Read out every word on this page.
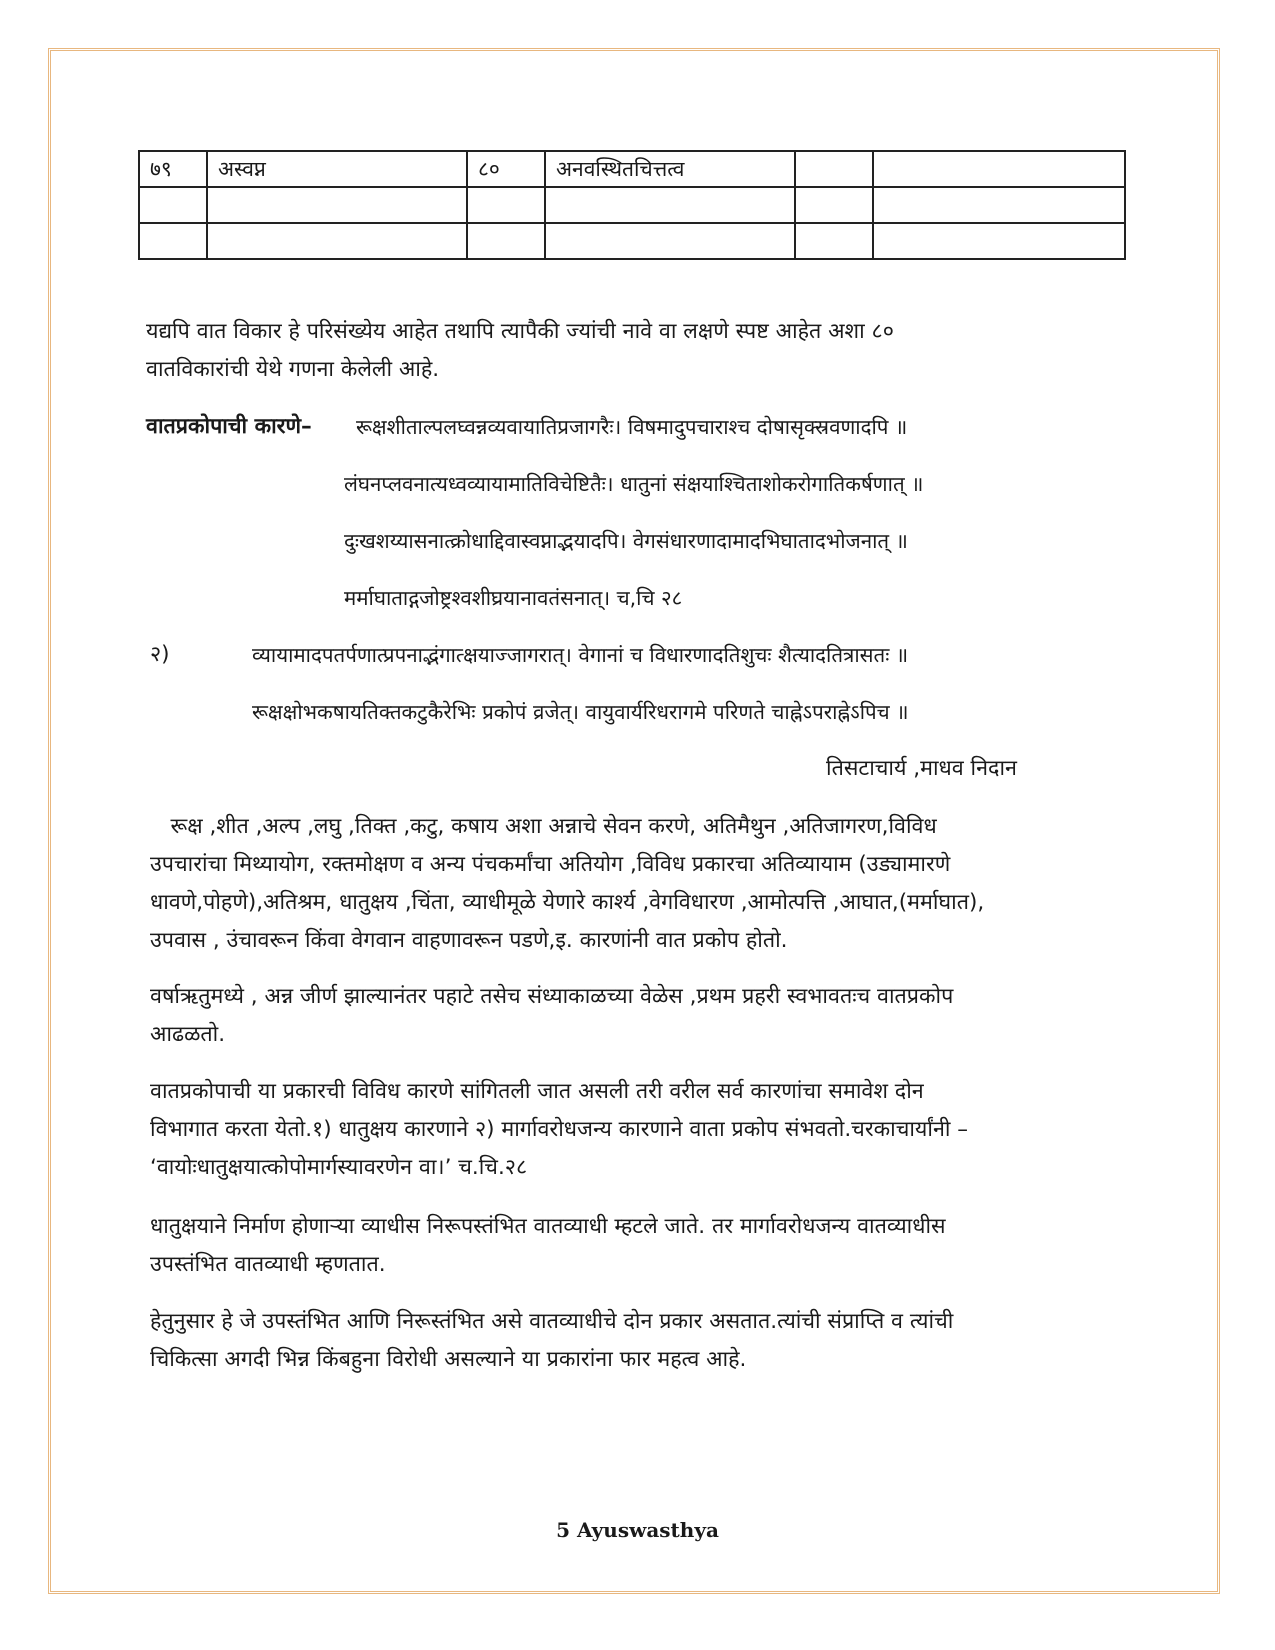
७९	अस्वप्न	८०	अनवस्थितचित्तत्व		

यद्यपि वात विकार हे परिसंख्येय आहेत तथापि त्यापैकी ज्यांची नावे वा लक्षणे स्पष्ट आहेत अशा ८०
वातविकारांची येथे गणना केलेली आहे.
वातप्रकोपाची कारणे– रूक्षशीताल्पलघ्वन्नव्यवायातिप्रजागरैः। विषमादुपचाराश्च दोषासृक्स्रवणादपि ॥
लंघनप्लवनात्यध्वव्यायामातिविचेष्टितैः। धातुनां संक्षयाश्चिताशोकरोगातिकर्षणात् ॥
दुःखशय्यासनात्क्रोधाद्दिवास्वप्नाद्भयादपि। वेगसंधारणादामादभिघातादभोजनात् ॥
मर्माघाताद्गजोष्ट्रश्वशीघ्रयानावतंसनात्। च,चि २८
२)	व्यायामादपतर्पणात्प्रपनाद्भंगात्क्षयाज्जागरात्। वेगानां च विधारणादतिशुचः शैत्यादतित्रासतः ॥
रूक्षक्षोभकषायतिक्तकटुकैरेभिः प्रकोपं व्रजेत्। वायुवार्यरिधरागमे परिणते चाह्नेऽपराह्नेऽपिच ॥
तिसटाचार्य ,माधव निदान
रूक्ष ,शीत ,अल्प ,लघु ,तिक्त ,कटु, कषाय अशा अन्नाचे सेवन करणे, अतिमैथुन ,अतिजागरण,विविध
उपचारांचा मिथ्यायोग, रक्तमोक्षण व अन्य पंचकर्मांचा अतियोग ,विविध प्रकारचा अतिव्यायाम (उड्यामारणे
धावणे,पोहणे),अतिश्रम, धातुक्षय ,चिंता, व्याधीमूळे येणारे कार्श्य ,वेगविधारण ,आमोत्पत्ति ,आघात,(मर्माघात),
उपवास , उंचावरून किंवा वेगवान वाहणावरून पडणे,इ. कारणांनी वात प्रकोप होतो.
वर्षाऋतुमध्ये , अन्न जीर्ण झाल्यानंतर पहाटे तसेच संध्याकाळच्या वेळेस ,प्रथम प्रहरी स्वभावतःच वातप्रकोप
आढळतो.
वातप्रकोपाची या प्रकारची विविध कारणे सांगितली जात असली तरी वरील सर्व कारणांचा समावेश दोन
विभागात करता येतो.१) धातुक्षय कारणाने २) मार्गावरोधजन्य कारणाने वाता प्रकोप संभवतो.चरकाचार्यांनी –
‘वायोःधातुक्षयात्कोपोमार्गस्यावरणेन वा।’ च.चि.२८
धातुक्षयाने निर्माण होणाऱ्या व्याधीस निरूपस्तंभित वातव्याधी म्हटले जाते. तर मार्गावरोधजन्य वातव्याधीस
उपस्तंभित वातव्याधी म्हणतात.
हेतुनुसार हे जे उपस्तंभित आणि निरूस्तंभित असे वातव्याधीचे दोन प्रकार असतात.त्यांची संप्राप्ति व त्यांची
चिकित्सा अगदी भिन्न किंबहुना विरोधी असल्याने या प्रकारांना फार महत्व आहे.
5 Ayuswasthya
